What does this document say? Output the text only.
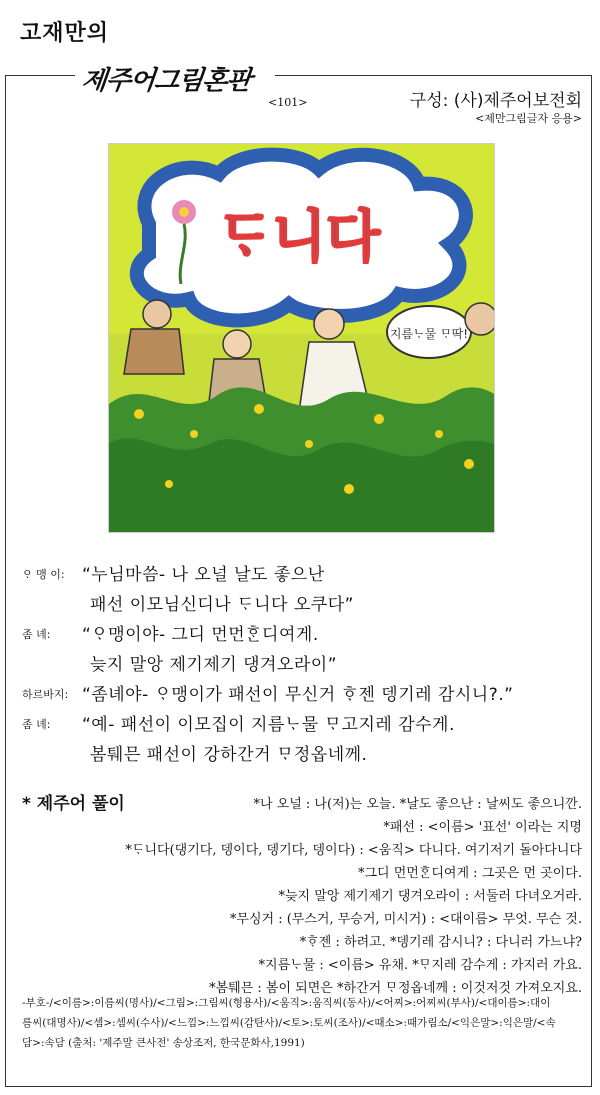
고재만의
제주어그림혼판
<101>	구성: (사)제주어보전회
<제만그림글자 응용>
ᄃᆞ니다
지름ᄂᆞ물 ᄆᆞ딱!
ᄋᆞ 맹 이: “누님마씀- 나 오널 날도 좋으난
패선 이모님신디나 ᄃᆞ니다 오쿠다”
좀 녜: “ᄋᆞ맹이야- 그디 먼먼ᄒᆞᆫ디여게.
늦지 말앙 제기제기 댕겨오라이”
하르바지: “좀녜야- ᄋᆞ맹이가 패선이 무신거 ᄒᆞ젠 뎅기레 감시니?.”
좀 녜: “예- 패선이 이모집이 지름ᄂᆞ물 ᄆᆞ고지레 감수게.
봄퉤믄 패선이 강하간거 ᄆᆞ정옵네께.
* 제주어 풀이	*나 오널 : 나(저)는 오늘. *날도 좋으난 : 날씨도 좋으니깐.
*패선 : <이름> '표선' 이라는 지명
*ᄃᆞ니다(댕기다, 뎅이다, 뎅기다, 뎅이다) : <움직> 다니다. 여기저기 돌아다니다
*그디 먼먼ᄒᆞᆫ디여게 : 그곳은 먼 곳이다.
*늦지 말앙 제기제기 댕겨오라이 : 서둘러 다녀오거라.
*무싱거 : (무스거, 무승거, 미시거) : <대이름> 무엇. 무슨 것.
*ᄒᆞ젠 : 하려고. *뎅기레 감시니? : 다니러 가느냐?
*지름ᄂᆞ물 : <이름> 유채. *ᄆᆞ지레 감수게 : 가지러 가요.
*봄퉤믄 : 봄이 되면은 *하간거 ᄆᆞ정옵네께 : 이것저것 가져오지요.
-부호-/<이름>:이름씨(명사)/<그림>:그림씨(형용사)/<움직>:움직씨(동사)/<어찌>:어찌씨(부사)/<대이름>:대이
름씨(대명사)/<셈>:셈씨(수사)/<느낌>:느낌씨(감탄사)/<토>:토씨(조사)/<때소>:때가림소/<익은말>:익은말/<속
담>:속담 (출처: '제주말 큰사전' 송상조저, 한국문화사,1991)
